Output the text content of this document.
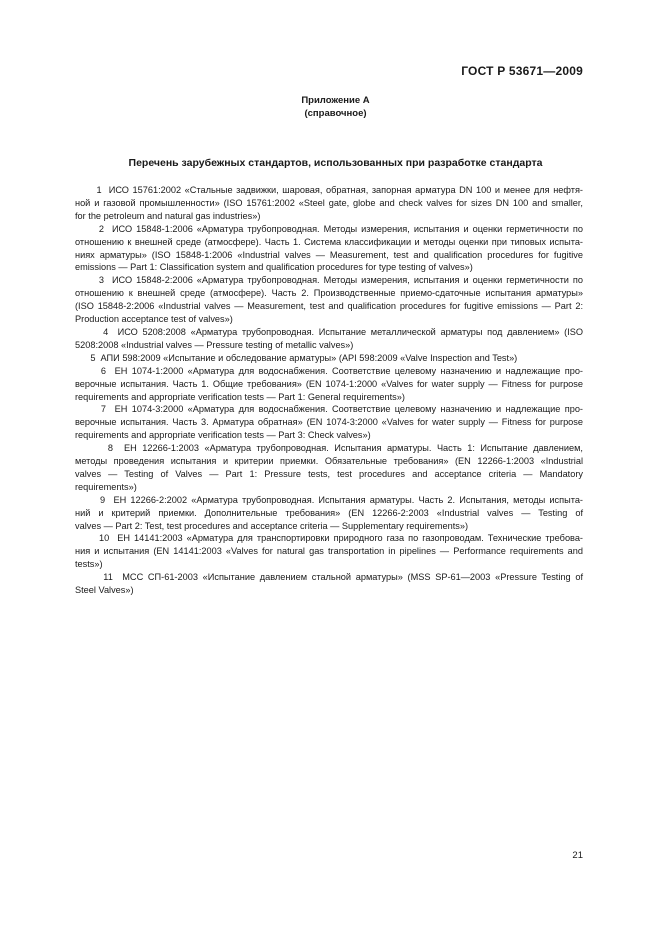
ГОСТ Р 53671—2009
Приложение А
(справочное)
Перечень зарубежных стандартов, использованных при разработке стандарта
1  ИСО 15761:2002 «Стальные задвижки, шаровая, обратная, запорная арматура DN 100 и менее для нефтя-
ной и газовой промышленности» (ISO 15761:2002 «Steel gate, globe and check valves for sizes DN 100 and smaller,
for the petroleum and natural gas industries»)
2  ИСО 15848-1:2006 «Арматура трубопроводная. Методы измерения, испытания и оценки герметичности по
отношению к внешней среде (атмосфере). Часть 1. Система классификации и методы оценки при типовых испыта-
ниях арматуры» (ISO 15848-1:2006 «Industrial valves — Measurement, test and qualification procedures for fugitive
emissions — Part 1: Classification system and qualification procedures for type testing of valves»)
3  ИСО 15848-2:2006 «Арматура трубопроводная. Методы измерения, испытания и оценки герметичности по
отношению к внешней среде (атмосфере). Часть 2. Производственные приемо-сдаточные испытания арматуры»
(ISO 15848-2:2006 «Industrial valves — Measurement, test and qualification procedures for fugitive emissions — Part 2:
Production acceptance test of valves»)
4  ИСО 5208:2008 «Арматура трубопроводная. Испытание металлической арматуры под давлением» (ISO
5208:2008 «Industrial valves — Pressure testing of metallic valves»)
5  АПИ 598:2009 «Испытание и обследование арматуры» (API 598:2009 «Valve Inspection and Test»)
6  ЕН 1074-1:2000 «Арматура для водоснабжения. Соответствие целевому назначению и надлежащие про-
верочные испытания. Часть 1. Общие требования» (EN 1074-1:2000 «Valves for water supply — Fitness for purpose
requirements and appropriate verification tests — Part 1: General requirements»)
7  ЕН 1074-3:2000 «Арматура для водоснабжения. Соответствие целевому назначению и надлежащие про-
верочные испытания. Часть 3. Арматура обратная» (EN 1074-3:2000 «Valves for water supply — Fitness for purpose
requirements and appropriate verification tests — Part 3: Check valves»)
8  ЕН 12266-1:2003 «Арматура трубопроводная. Испытания арматуры. Часть 1: Испытание давлением,
методы проведения испытания и критерии приемки. Обязательные требования» (EN 12266-1:2003 «Industrial
valves — Testing of Valves — Part 1: Pressure tests, test procedures and acceptance criteria — Mandatory
requirements»)
9  ЕН 12266-2:2002 «Арматура трубопроводная. Испытания арматуры. Часть 2. Испытания, методы испыта-
ний и критерий приемки. Дополнительные требования» (EN 12266-2:2003 «Industrial valves — Testing of
valves — Part 2: Test, test procedures and acceptance criteria — Supplementary requirements»)
10  ЕН 14141:2003 «Арматура для транспортировки природного газа по газопроводам. Технические требова-
ния и испытания (EN 14141:2003 «Valves for natural gas transportation in pipelines — Performance requirements and
tests»)
11  МСС СП-61-2003 «Испытание давлением стальной арматуры» (MSS SP-61—2003 «Pressure Testing of
Steel Valves»)
21
